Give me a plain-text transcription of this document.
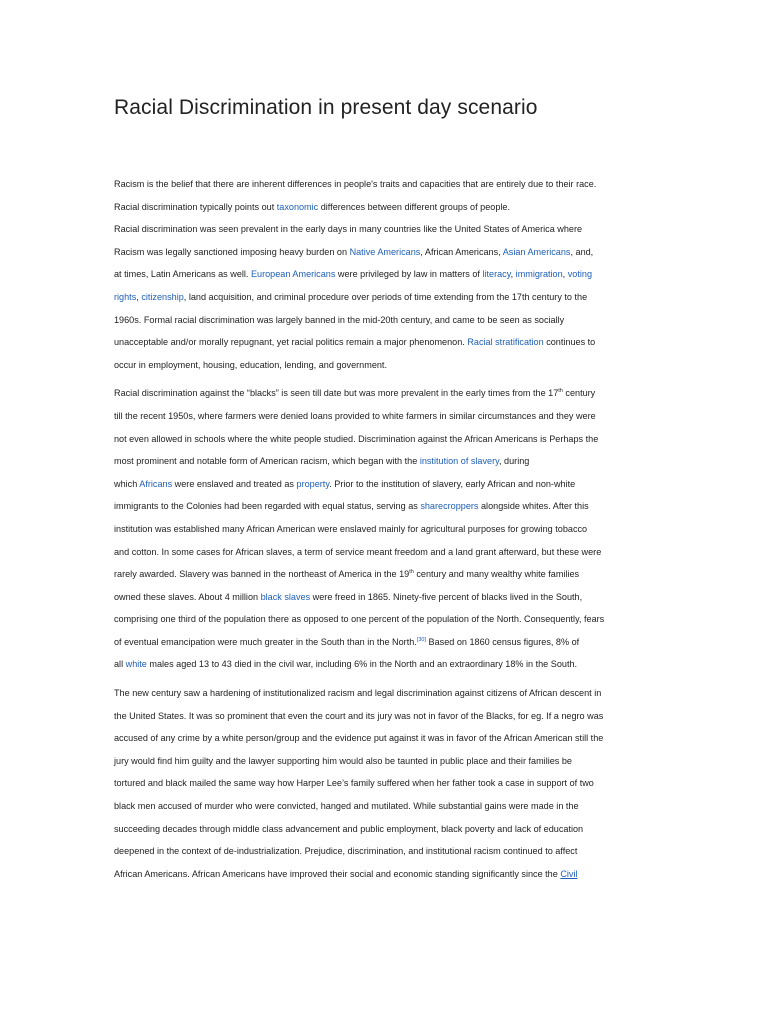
Racial Discrimination in present day scenario

Racism is the belief that there are inherent differences in people's traits and capacities that are entirely due to their race.
Racial discrimination typically points out taxonomic differences between different groups of people.

Racial discrimination was seen prevalent in the early days in many countries like the United States of America where
Racism was legally sanctioned imposing heavy burden on Native Americans, African Americans, Asian Americans, and,
at times, Latin Americans as well. European Americans were privileged by law in matters of literacy, immigration, voting
rights, citizenship, land acquisition, and criminal procedure over periods of time extending from the 17th century to the
1960s. Formal racial discrimination was largely banned in the mid-20th century, and came to be seen as socially
unacceptable and/or morally repugnant, yet racial politics remain a major phenomenon. Racial stratification continues to
occur in employment, housing, education, lending, and government.

Racial discrimination against the “blacks” is seen till date but was more prevalent in the early times from the 17th century
till the recent 1950s, where farmers were denied loans provided to white farmers in similar circumstances and they were
not even allowed in schools where the white people studied. Discrimination against the African Americans is Perhaps the
most prominent and notable form of American racism, which began with the institution of slavery, during
which Africans were enslaved and treated as property. Prior to the institution of slavery, early African and non-white
immigrants to the Colonies had been regarded with equal status, serving as sharecroppers alongside whites. After this
institution was established many African American were enslaved mainly for agricultural purposes for growing tobacco
and cotton. In some cases for African slaves, a term of service meant freedom and a land grant afterward, but these were
rarely awarded. Slavery was banned in the northeast of America in the 19th century and many wealthy white families
owned these slaves. About 4 million black slaves were freed in 1865. Ninety-five percent of blacks lived in the South,
comprising one third of the population there as opposed to one percent of the population of the North. Consequently, fears
of eventual emancipation were much greater in the South than in the North.[30] Based on 1860 census figures, 8% of
all white males aged 13 to 43 died in the civil war, including 6% in the North and an extraordinary 18% in the South.

The new century saw a hardening of institutionalized racism and legal discrimination against citizens of African descent in
the United States. It was so prominent that even the court and its jury was not in favor of the Blacks, for eg. If a negro was
accused of any crime by a white person/group and the evidence put against it was in favor of the African American still the
jury would find him guilty and the lawyer supporting him would also be taunted in public place and their families be
tortured and black mailed the same way how Harper Lee’s family suffered when her father took a case in support of two
black men accused of murder who were convicted, hanged and mutilated. While substantial gains were made in the
succeeding decades through middle class advancement and public employment, black poverty and lack of education
deepened in the context of de-industrialization. Prejudice, discrimination, and institutional racism continued to affect
African Americans. African Americans have improved their social and economic standing significantly since the Civil
